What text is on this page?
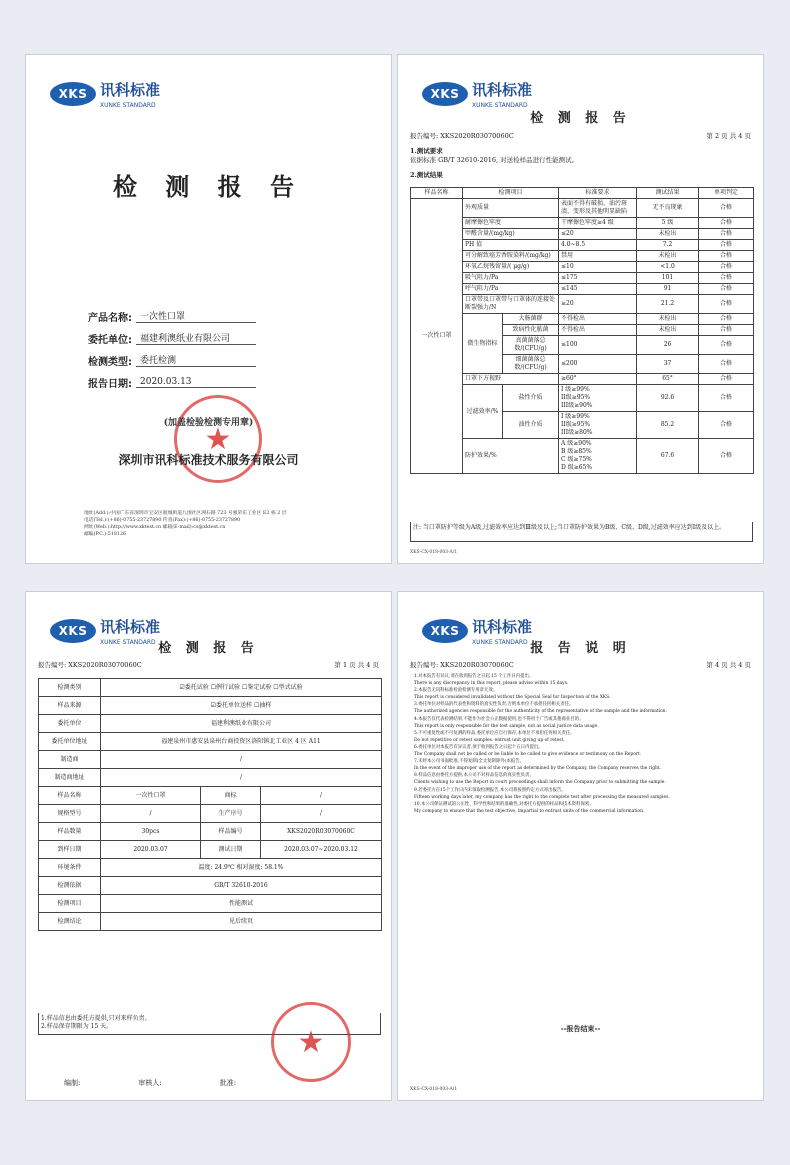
XKS 讯科标准
XUNKE STANDARD
检 测 报 告
产品名称: 一次性口罩
委托单位: 福建利澳纸业有限公司
检测类型: 委托检测
报告日期: 2020.03.13
★
(加盖检验检测专用章)
深圳市讯科标准技术服务有限公司
地址(Add.):中国广东省深圳市宝安区航城街道九围社区洲石路 723 号强荣东工业区 E2 栋 2 层
电话(Tel.):(+86)-0755-23727890 传真(Fax):(+86)-0755-23727890
网址(Web.):http://www.xktest.cn 邮箱(E-mail):cs@xktest.cn
邮编(P.C.):518126
XKS 讯科标准
XUNKE STANDARD
检 测 报 告
报告编号: XKS2020R03070060C	第 2 页 共 4 页
1.测试要求
依据标准 GB/T 32610-2016, 对送检样品进行性能测试。
2.测试结果
样品名称	检测项目		标准要求	测试结果	单项判定
一次性口罩	外观质量		表面不得有破损、油污斑渍、变形及其他明显缺陷	无不良现象	合格
	耐摩擦色牢度		干摩擦色牢度≥4 级	5 级	合格
	甲醛含量/(mg/kg)		≤20	未检出	合格
	PH 值		4.0~8.5	7.2	合格
	可分解致癌芳香胺染料/(mg/kg)		禁用	未检出	合格
	环氧乙烷残留量/( μg/g)		≤10	<1.0	合格
	吸气阻力/Pa		≤175	101	合格
	呼气阻力/Pa		≤145	91	合格
	口罩带及口罩带与口罩体的连接处断裂强力/N		≥20	21.2	合格
	微生物指标	大肠菌群	不得检出	未检出	合格
		致病性化脓菌	不得检出	未检出	合格
		真菌菌落总数/(CFU/g)	≤100	26	合格
		细菌菌落总数/(CFU/g)	≤200	37	合格
	口罩下方视野		≥60°	65°	合格
	过滤效率/%	盐性介质	I 级≥99%
II级≥95%
III级≥90%	92.6	合格
		油性介质	I 级≥99%
II级≥95%
III级≥80%	85.2	合格
	防护效果/%		A 级≥90%
B 级≥85%
C 级≥75%
D 级≥65%	67.6	合格
注: 当口罩防护等级为A级,过滤效率应达到Ⅲ级及以上;当口罩防护效果为B级、C级、D级,过滤效率应达到Ⅰ级及以上。
XKS-CX-018-003-A/1
XKS 讯科标准
XUNKE STANDARD 检 测 报 告
报告编号: XKS2020R03070060C	第 1 页 共 4 页
检测类别	☑委托试验 ☐例行试验 ☐鉴定试验 ☐型式试验		
样品来源	☑委托单位送样 ☐抽样		
委托单位	福建利澳纸业有限公司		
委托单位地址	福建泉州市惠安县泉州台商投资区洛阳镇北工业区 4 区 A11		
制造商	/		
制造商地址	/		
样品名称	一次性口罩	商标	/
规格型号	/	生产序号	/
样品数量	30pcs	样品编号	XKS2020R03070060C
到样日期	2020.03.07	测试日期	2020.03.07~2020.03.12
环境条件	温度: 24.9℃ 相对湿度: 58.1%		
检测依据	GB/T 32610-2016		
检测项目	性能测试		
检测结论	见后续页		
1.样品信息由委托方提供,只对来样负责。
2.样品保存期限为 15 天。	★
编制:	审核人:	批准:
XKS 讯科标准
XUNKE STANDARD 报 告 说 明
报告编号: XKS2020R03070060C	第 4 页 共 4 页

1.对本报告有异议,请在收到报告之日起 15 个工作日内提出。

There is any discrepancy in this report, please advise within 15 days.

2.本报告无讯科标准检验检测专用章无效。

This report is considered invalidated without the Special Seal for Inspection of the XKS.

3.委托单位对样品的代表性和资料的真实性负责,否则本单位不承担任何相关责任。

The authorized agencies responsible for the authenticity of the representative of the sample and the information.

4.本报告仅代表检测结果,不能作为社会公正数据使用,也不得用于广告或其他商业目的。

This report is only responsible for the test sample, not as social justice data usage.

5.不可重复性或不可复测的样品,委托单位应自行保存,本单位不承担任何相关责任。

Do not repetitive or retest samples, entrust unit giving up of retest.

6.委托单位对本报告有异议者,须于收到报告之日起十五日内提出。

The Company shall not be called or be liable to be called to give evidence or testimony on the Report.

7.未经本公司书面批准,不得复制(全文复制除外)本报告。

In the event of the improper use of the report as determined by the Company, the Company reserves the right.

8.样品信息由委托方提供,本公司不对样品信息的真实性负责。

Clients wishing to use the Report in court proceedings shall inform the Company prior to submitting the sample.

9.若委托方在15个工作日内未领取检测报告,本公司将按照约定方式寄出报告。

Fifteen working days later, my company has the right to the complete test after processing the measured samples.

10.本公司保证测试的公正性、科学性和结果的准确性,对委托方提供的样品和技术资料保密。

My company to ensure that the test objective, impartial to entrust units of the commercial information.

--报告结束--
XKS-CX-018-003-A/1
